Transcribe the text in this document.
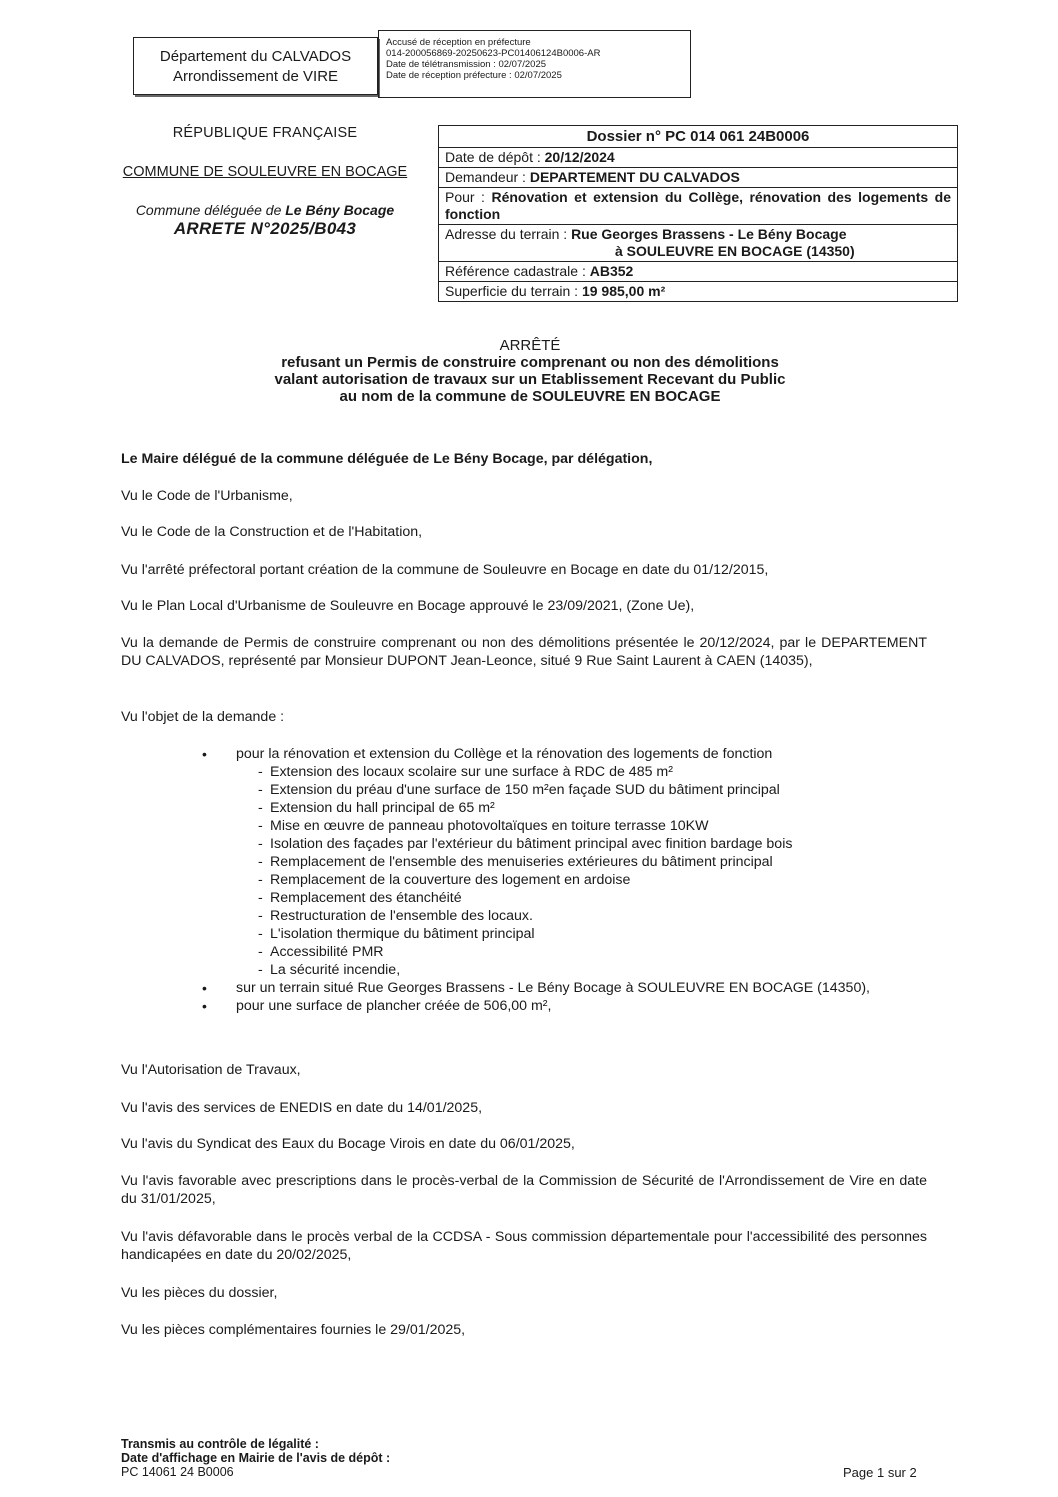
Département du CALVADOS
Arrondissement de VIRE
Accusé de réception en préfecture
014-200056869-20250623-PC01406124B0006-AR
Date de télétransmission : 02/07/2025
Date de réception préfecture : 02/07/2025
RÉPUBLIQUE FRANÇAISE
COMMUNE DE SOULEUVRE EN BOCAGE
Commune déléguée de Le Bény Bocage
ARRETE N°2025/B043
Dossier n° PC 014 061 24B0006
Date de dépôt : 20/12/2024
Demandeur : DEPARTEMENT DU CALVADOS
Pour : Rénovation et extension du Collège, rénovation des logements de fonction
Adresse du terrain : Rue Georges Brassens - Le Bény Bocage
à SOULEUVRE EN BOCAGE (14350)
Référence cadastrale : AB352
Superficie du terrain : 19 985,00 m²
ARRÊTÉ
refusant un Permis de construire comprenant ou non des démolitions
valant autorisation de travaux sur un Etablissement Recevant du Public
au nom de la commune de SOULEUVRE EN BOCAGE
Le Maire délégué de la commune déléguée de Le Bény Bocage, par délégation,
Vu le Code de l'Urbanisme,
Vu le Code de la Construction et de l'Habitation,
Vu l'arrêté préfectoral portant création de la commune de Souleuvre en Bocage en date du 01/12/2015,
Vu le Plan Local d'Urbanisme de Souleuvre en Bocage approuvé le 23/09/2021, (Zone Ue),
Vu la demande de Permis de construire comprenant ou non des démolitions présentée le 20/12/2024, par le DEPARTEMENT DU CALVADOS, représenté par Monsieur DUPONT Jean-Leonce, situé 9 Rue Saint Laurent à CAEN (14035),
Vu l'objet de la demande :
• pour la rénovation et extension du Collège et la rénovation des logements de fonction
- Extension des locaux scolaire sur une surface à RDC de 485 m²
- Extension du préau d'une surface de 150 m²en façade SUD du bâtiment principal
- Extension du hall principal de 65 m²
- Mise en œuvre de panneau photovoltaïques en toiture terrasse 10KW
- Isolation des façades par l'extérieur du bâtiment principal avec finition bardage bois
- Remplacement de l'ensemble des menuiseries extérieures du bâtiment principal
- Remplacement de la couverture des logement en ardoise
- Remplacement des étanchéité
- Restructuration de l'ensemble des locaux.
- L'isolation thermique du bâtiment principal
- Accessibilité PMR
- La sécurité incendie,
• sur un terrain situé Rue Georges Brassens - Le Bény Bocage à SOULEUVRE EN BOCAGE (14350),
• pour une surface de plancher créée de 506,00 m²,
Vu l'Autorisation de Travaux,
Vu l'avis des services de ENEDIS en date du 14/01/2025,
Vu l'avis du Syndicat des Eaux du Bocage Virois en date du 06/01/2025,
Vu l'avis favorable avec prescriptions dans le procès-verbal de la Commission de Sécurité de l'Arrondissement de Vire en date du 31/01/2025,
Vu l'avis défavorable dans le procès verbal de la CCDSA - Sous commission départementale pour l'accessibilité des personnes handicapées en date du 20/02/2025,
Vu les pièces du dossier,
Vu les pièces complémentaires fournies le 29/01/2025,
Transmis au contrôle de légalité :
Date d'affichage en Mairie de l'avis de dépôt :
PC 14061 24 B0006	Page 1 sur 2
